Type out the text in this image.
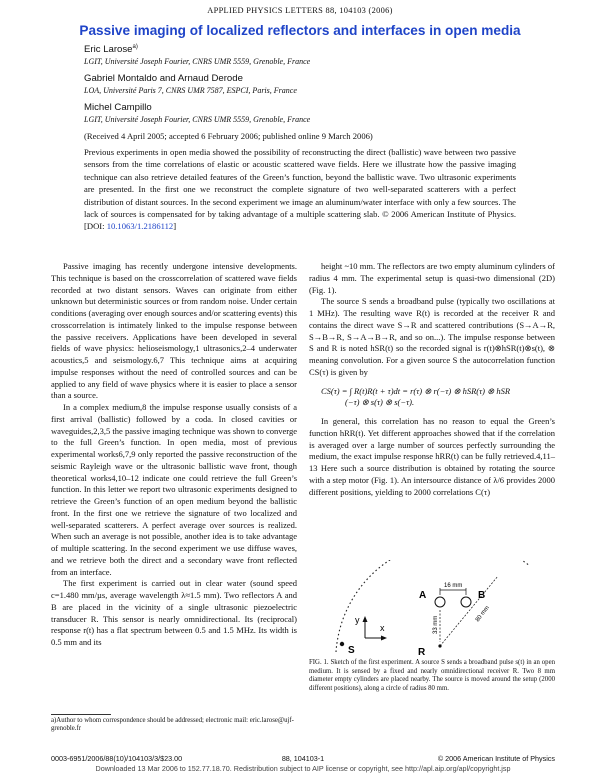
APPLIED PHYSICS LETTERS 88, 104103 (2006)
Passive imaging of localized reflectors and interfaces in open media
Eric Larose$^{a)}$
LGIT, Université Joseph Fourier, CNRS UMR 5559, Grenoble, France
Gabriel Montaldo and Arnaud Derode
LOA, Université Paris 7, CNRS UMR 7587, ESPCI, Paris, France
Michel Campillo
LGIT, Université Joseph Fourier, CNRS UMR 5559, Grenoble, France
(Received 4 April 2005; accepted 6 February 2006; published online 9 March 2006)
Previous experiments in open media showed the possibility of reconstructing the direct (ballistic) wave between two passive sensors from the time correlations of elastic or acoustic scattered wave fields. Here we illustrate how the passive imaging technique can also retrieve detailed features of the Green’s function, beyond the ballistic wave. Two ultrasonic experiments are presented. In the first one we reconstruct the complete signature of two well-separated scatterers with a perfect distribution of distant sources. In the second experiment we image an aluminum/water interface with only a few sources. The lack of sources is compensated for by taking advantage of a multiple scattering slab. © 2006 American Institute of Physics. [DOI: 10.1063/1.2186112]

Passive imaging has recently undergone intensive developments. This technique is based on the crosscorrelation of scattered wave fields recorded at two distant sensors. Waves can originate from either unknown but deterministic sources or from random noise. Under certain conditions (averaging over enough sources and/or scattering events) this crosscorrelation is intimately linked to the impulse response between the passive receivers. Applications have been developed in several fields of wave physics: helioseismology,1 ultrasonics,2–4 underwater acoustics,5 and seismology.6,7 This technique aims at acquiring impulse responses without the need of controlled sources and can be applied to any field of wave physics where it is easier to place a sensor than a source.

In a complex medium,8 the impulse response usually consists of a first arrival (ballistic) followed by a coda. In closed cavities or waveguides,2,3,5 the passive imaging technique was shown to converge to the full Green’s function. In open media, most of previous experimental works6,7,9 only reported the passive reconstruction of the seismic Rayleigh wave or the ultrasonic ballistic wave front, though theoretical works4,10–12 indicate one could retrieve the full Green’s function. In this letter we report two ultrasonic experiments designed to retrieve the Green’s function of an open medium beyond the ballistic front. In the first one we retrieve the signature of two localized and well-separated scatterers. A perfect average over sources is realized. When such an average is not possible, another idea is to take advantage of multiple scattering. In the second experiment we use diffuse waves, and we retrieve both the direct and a secondary wave front reflected from an interface.

The first experiment is carried out in clear water (sound speed c=1.480 mm/µs, average wavelength λ≈1.5 mm). Two reflectors A and B are placed in the vicinity of a single ultrasonic piezoelectric transducer R. This sensor is nearly omnidirectional. Its (reciprocal) response r(t) has a flat spectrum between 0.5 and 1.5 MHz. Its width is 0.5 mm and its

height ~10 mm. The reflectors are two empty aluminum cylinders of radius 4 mm. The experimental setup is quasi-two dimensional (2D) (Fig. 1).

The source S sends a broadband pulse (typically two oscillations at 1 MHz). The resulting wave R(t) is recorded at the receiver R and contains the direct wave S→R and scattered contributions (S→A→R, S→B→R, S→A→B→R, and so on...). The impulse response between S and R is noted hSR(t) so the recorded signal is r(t)⊗hSR(t)⊗s(t), ⊗ meaning convolution. For a given source S the autocorrelation function CS(τ) is given by

CS(τ) = ∫ R(t)R(t + τ)dt = r(τ) ⊗ r(−τ) ⊗ hSR(τ) ⊗ hSR
(−τ) ⊗ s(τ) ⊗ s(−τ).

In general, this correlation has no reason to equal the Green’s function hRR(t). Yet different approaches showed that if the correlation is averaged over a large number of sources perfectly surrounding the medium, the exact impulse response hRR(t) can be fully retrieved.4,11–13 Here such a source distribution is obtained by rotating the source with a step motor (Fig. 1). An intersource distance of λ/6 provides 2000 different positions, yielding to 2000 correlations C(τ)

y
x
A	B
16 mm
33 mm
R
80 mm
S
FIG. 1. Sketch of the first experiment. A source S sends a broadband pulse s(t) in an open medium. It is sensed by a fixed and nearly omnidirectional receiver R. Two 8 mm diameter empty cylinders are placed nearby. The source is moved around the setup (2000 different positions), along a circle of radius 80 mm.
a)Author to whom correspondence should be addressed; electronic mail: eric.larose@ujf-grenoble.fr
0003-6951/2006/88(10)/104103/3/$23.00	88, 104103-1	© 2006 American Institute of Physics
Downloaded 13 Mar 2006 to 152.77.18.70. Redistribution subject to AIP license or copyright, see http://apl.aip.org/apl/copyright.jsp
